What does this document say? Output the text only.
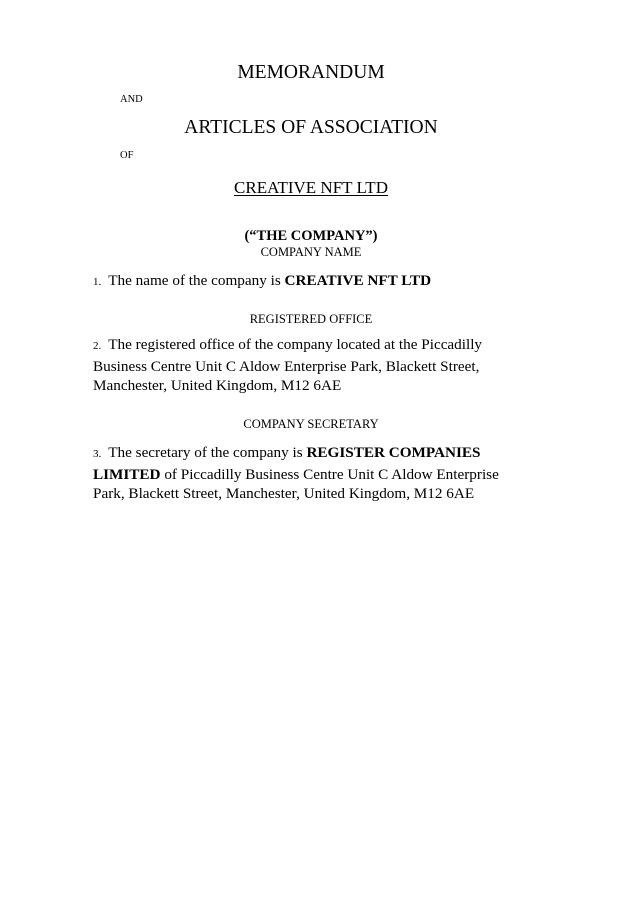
MEMORANDUM
AND
ARTICLES OF ASSOCIATION
OF
CREATIVE NFT LTD
(“THE COMPANY”)
COMPANY NAME
1. The name of the company is CREATIVE NFT LTD
REGISTERED OFFICE
2. The registered office of the company located at the Piccadilly
Business Centre Unit C Aldow Enterprise Park, Blackett Street,
Manchester, United Kingdom, M12 6AE
COMPANY SECRETARY
3. The secretary of the company is REGISTER COMPANIES
LIMITED of Piccadilly Business Centre Unit C Aldow Enterprise
Park, Blackett Street, Manchester, United Kingdom, M12 6AE
